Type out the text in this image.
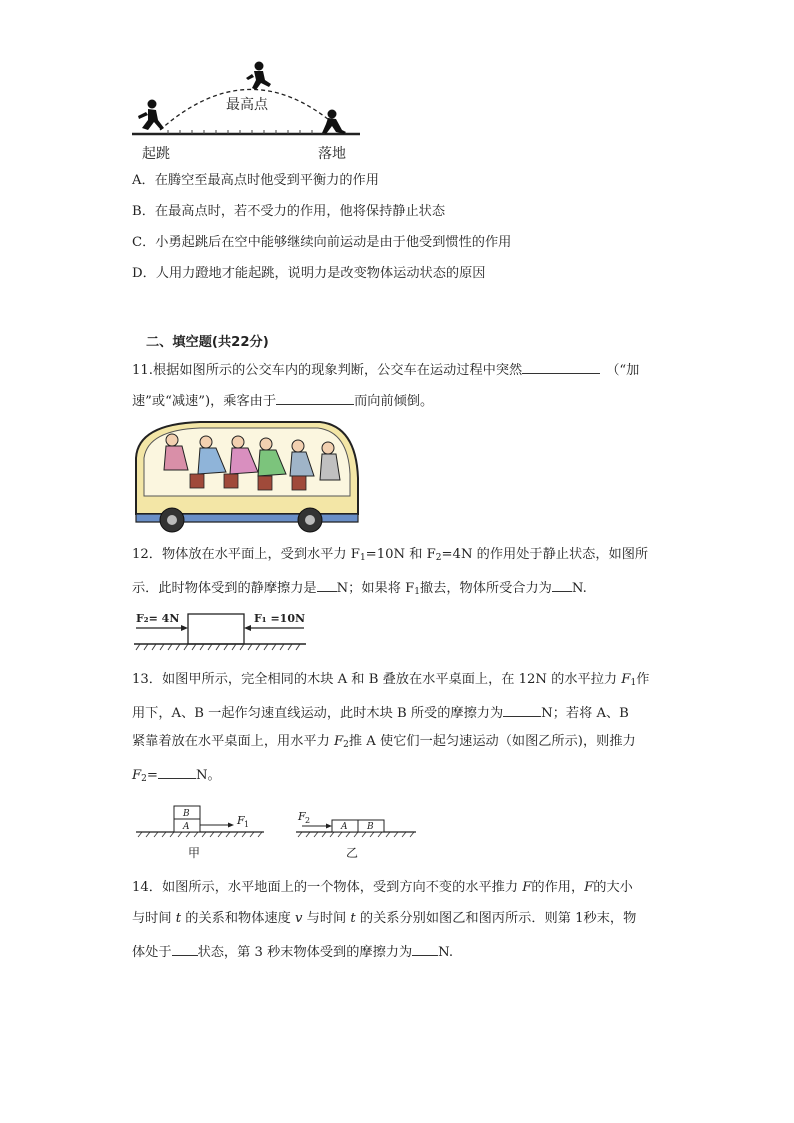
最高点
起跳	落地
A．在腾空至最高点时他受到平衡力的作用
B．在最高点时，若不受力的作用，他将保持静止状态
C．小勇起跳后在空中能够继续向前运动是由于他受到惯性的作用
D．人用力蹬地才能起跳，说明力是改变物体运动状态的原因
二、填空题(共22分)
11.根据如图所示的公交车内的现象判断，公交车在运动过程中突然	（“加
速”或“减速”)，乘客由于	而向前倾倒。
12．物体放在水平面上，受到水平力 $F_1=10N$ 和 $F_2=4N$ 的作用处于静止状态，如图所
示．此时物体受到的静摩擦力是 N；如果将 $F_1$撤去，物体所受合力为 N.
F₂= 4N	F₁ =10N
13．如图甲所示，完全相同的木块 A 和 B 叠放在水平桌面上，在 12N 的水平拉力 $F_1$作
用下，A、B 一起作匀速直线运动，此时木块 B 所受的摩擦力为	N；若将 A、B
紧靠着放在水平桌面上，用水平力 $F_2$推 A 使它们一起匀速运动（如图乙所示)，则推力
$F_2=$	N。
B
A	F 1
甲
A B
F 2
乙
14．如图所示，水平地面上的一个物体，受到方向不变的水平推力 F的作用，F的大小
与时间 t 的关系和物体速度 v 与时间 t 的关系分别如图乙和图丙所示．则第 1秒末，物
体处于 状态，第 3 秒末物体受到的摩擦力为 N.
